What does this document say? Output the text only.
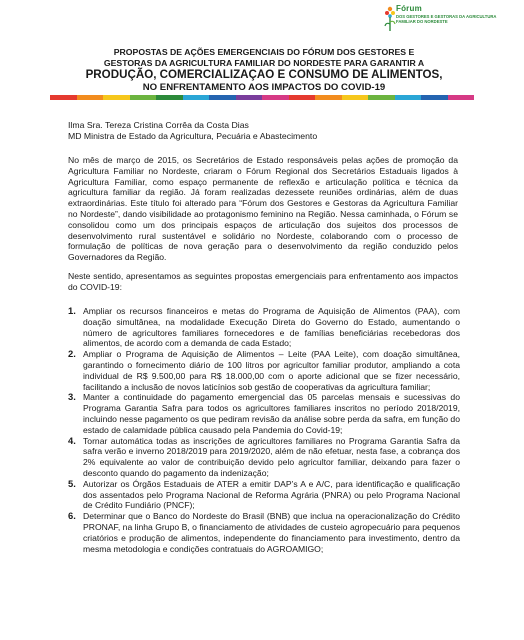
Fórum
DOS GESTORES E GESTORAS DA AGRICULTURA FAMILIAR DO NORDESTE
PROPOSTAS DE AÇÕES EMERGENCIAIS DO FÓRUM DOS GESTORES E
GESTORAS DA AGRICULTURA FAMILIAR DO NORDESTE PARA GARANTIR A
PRODUÇÃO, COMERCIALIZAÇAO E CONSUMO DE ALIMENTOS,
NO ENFRENTAMENTO AOS IMPACTOS DO COVID-19
Ilma Sra. Tereza Cristina Corrêa da Costa Dias
MD Ministra de Estado da Agricultura, Pecuária e Abastecimento
No mês de março de 2015, os Secretários de Estado responsáveis pelas ações de promoção da Agricultura Familiar no Nordeste, criaram o Fórum Regional dos Secretários Estaduais ligados à Agricultura Familiar, como espaço permanente de reflexão e articulação política e técnica da agricultura familiar da região. Já foram realizadas dezessete reuniões ordinárias, além de duas extraordinárias. Este título foi alterado para “Fórum dos Gestores e Gestoras da Agricultura Familiar no Nordeste”, dando visibilidade ao protagonismo feminino na Região. Nessa caminhada, o Fórum se consolidou como um dos principais espaços de articulação dos sujeitos dos processos de desenvolvimento rural sustentável e solidário no Nordeste, colaborando com o processo de formulação de políticas de nova geração para o desenvolvimento da região conduzido pelos Governadores da Região.
Neste sentido, apresentamos as seguintes propostas emergenciais para enfrentamento aos impactos do COVID-19:
1. Ampliar os recursos financeiros e metas do Programa de Aquisição de Alimentos (PAA), com doação simultânea, na modalidade Execução Direta do Governo do Estado, aumentando o número de agricultores familiares fornecedores e de famílias beneficiárias recebedoras dos alimentos, de acordo com a demanda de cada Estado;
2. Ampliar o Programa de Aquisição de Alimentos – Leite (PAA Leite), com doação simultânea, garantindo o fornecimento diário de 100 litros por agricultor familiar produtor, ampliando a cota individual de R$ 9.500,00 para R$ 18.000,00 com o aporte adicional que se fizer necessário, facilitando a inclusão de novos laticínios sob gestão de cooperativas da agricultura familiar;
3. Manter a continuidade do pagamento emergencial das 05 parcelas mensais e sucessivas do Programa Garantia Safra para todos os agricultores familiares inscritos no período 2018/2019, incluindo nesse pagamento os que pediram revisão da análise sobre perda da safra, em função do estado de calamidade pública causado pela Pandemia do Covid-19;
4. Tornar automática todas as inscrições de agricultores familiares no Programa Garantia Safra da safra verão e inverno 2018/2019 para 2019/2020, além de não efetuar, nesta fase, a cobrança dos 2% equivalente ao valor de contribuição devido pelo agricultor familiar, deixando para fazer o desconto quando do pagamento da indenização;
5. Autorizar os Órgãos Estaduais de ATER a emitir DAP’s A e A/C, para identificação e qualificação dos assentados pelo Programa Nacional de Reforma Agrária (PNRA) ou pelo Programa Nacional de Crédito Fundiário (PNCF);
6. Determinar que o Banco do Nordeste do Brasil (BNB) que inclua na operacionalização do Crédito PRONAF, na linha Grupo B, o financiamento de atividades de custeio agropecuário para pequenos criatórios e produção de alimentos, independente do financiamento para investimento, dentro da mesma metodologia e condições contratuais do AGROAMIGO;
